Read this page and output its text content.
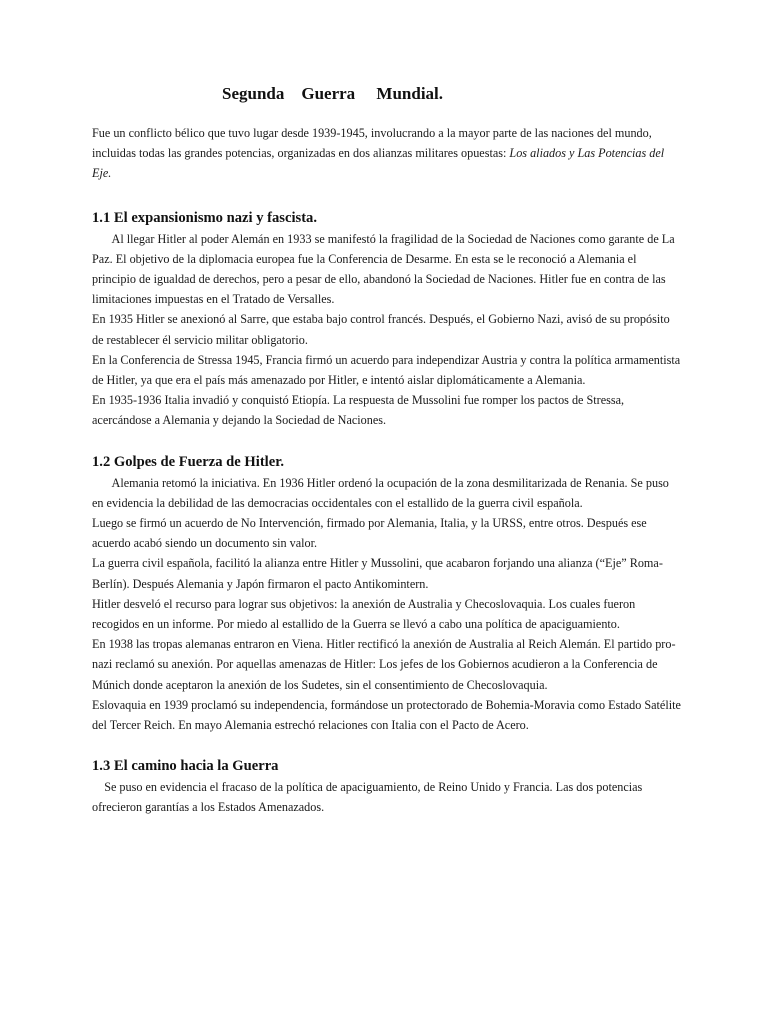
Segunda    Guerra     Mundial.

Fue un conflicto bélico que tuvo lugar desde 1939-1945, involucrando a la mayor parte de las naciones del mundo, incluidas todas las grandes potencias, organizadas en dos alianzas militares opuestas: Los aliados y Las Potencias del Eje.

1.1 El expansionismo nazi y fascista.

Al llegar Hitler al poder Alemán en 1933 se manifestó la fragilidad de la Sociedad de Naciones como garante de La Paz. El objetivo de la diplomacia europea fue la Conferencia de Desarme. En esta se le reconoció a Alemania el principio de igualdad de derechos, pero a pesar de ello, abandonó la Sociedad de Naciones. Hitler fue en contra de las limitaciones impuestas en el Tratado de Versalles.

En 1935 Hitler se anexionó al Sarre, que estaba bajo control francés. Después, el Gobierno Nazi, avisó de su propósito de restablecer él servicio militar obligatorio.

En la Conferencia de Stressa 1945, Francia firmó un acuerdo para independizar Austria y contra la política armamentista de Hitler, ya que era el país más amenazado por Hitler, e intentó aislar diplomáticamente a Alemania.

En 1935-1936 Italia invadió y conquistó Etiopía. La respuesta de Mussolini fue romper los pactos de Stressa, acercándose a Alemania y dejando la Sociedad de Naciones.

1.2 Golpes de Fuerza de Hitler.

Alemania retomó la iniciativa. En 1936 Hitler ordenó la ocupación de la zona desmilitarizada de Renania. Se puso en evidencia la debilidad de las democracias occidentales con el estallido de la guerra civil española.

Luego se firmó un acuerdo de No Intervención, firmado por Alemania, Italia, y la URSS, entre otros. Después ese acuerdo acabó siendo un documento sin valor.

La guerra civil española, facilitó la alianza entre Hitler y Mussolini, que acabaron forjando una alianza (“Eje” Roma-Berlín). Después Alemania y Japón firmaron el pacto Antikomintern.

Hitler desveló el recurso para lograr sus objetivos: la anexión de Australia y Checoslovaquia. Los cuales fueron recogidos en un informe. Por miedo al estallido de la Guerra se llevó a cabo una política de apaciguamiento.

En 1938 las tropas alemanas entraron en Viena. Hitler rectificó la anexión de Australia al Reich Alemán. El partido pro-nazi reclamó su anexión. Por aquellas amenazas de Hitler: Los jefes de los Gobiernos acudieron a la Conferencia de Múnich donde aceptaron la anexión de los Sudetes, sin el consentimiento de Checoslovaquia.

Eslovaquia en 1939 proclamó su independencia, formándose un protectorado de Bohemia-Moravia como Estado Satélite del Tercer Reich. En mayo Alemania estrechó relaciones con Italia con el Pacto de Acero.

1.3 El camino hacia la Guerra

Se puso en evidencia el fracaso de la política de apaciguamiento, de Reino Unido y Francia. Las dos potencias ofrecieron garantías a los Estados Amenazados.
